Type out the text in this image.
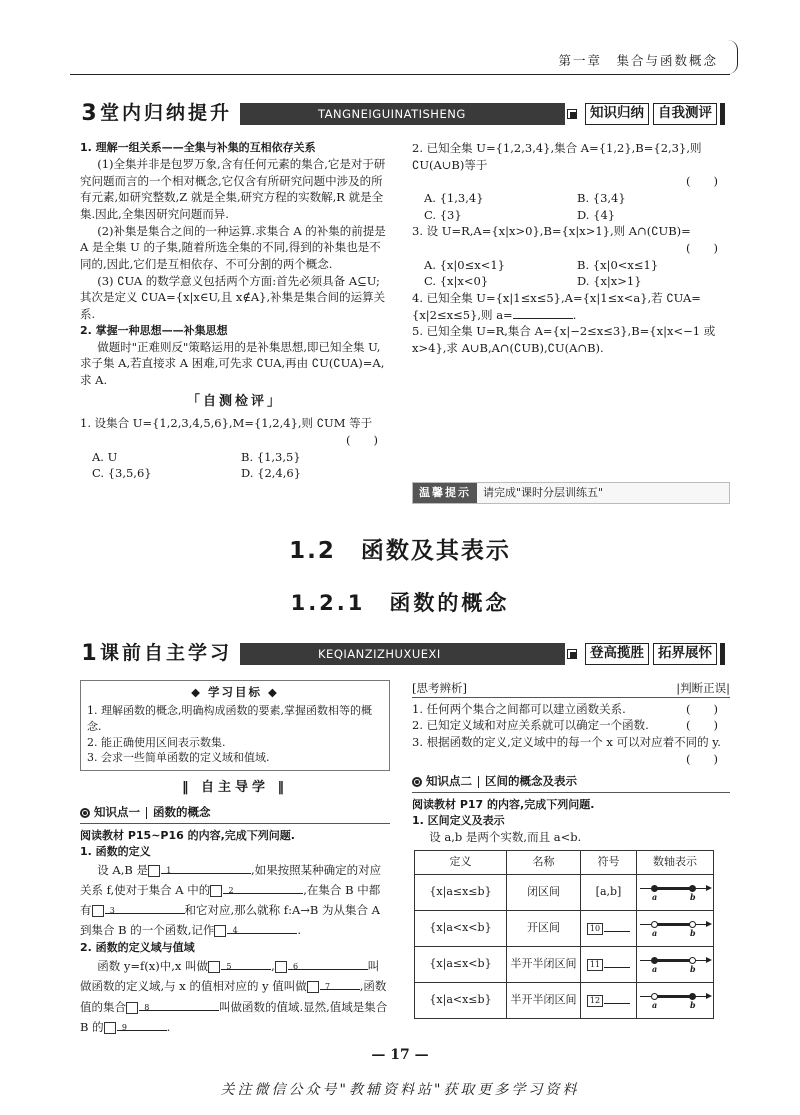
第一章　集合与函数概念
3 堂内归纳提升	TANGNEIGUINATISHENG	知识归纳	自我测评

1. 理解一组关系——全集与补集的互相依存关系

(1)全集并非是包罗万象,含有任何元素的集合,它是对于研究问题而言的一个相对概念,它仅含有所研究问题中涉及的所有元素,如研究整数,Z 就是全集,研究方程的实数解,R 就是全集.因此,全集因研究问题而异.

(2)补集是集合之间的一种运算.求集合 A 的补集的前提是 A 是全集 U 的子集,随着所选全集的不同,得到的补集也是不同的,因此,它们是互相依存、不可分割的两个概念.

(3) ∁UA 的数学意义包括两个方面:首先必须具备 A⊆U;其次是定义 ∁UA={x|x∈U,且 x∉A},补集是集合间的运算关系.

2. 掌握一种思想——补集思想

做题时"正难则反"策略运用的是补集思想,即已知全集 U,求子集 A,若直接求 A 困难,可先求 ∁UA,再由 ∁U(∁UA)=A,求 A.

「自测检评」

1. 设集合 U={1,2,3,4,5,6},M={1,2,4},则 ∁UM 等于

(　　)

A. U	B. {1,3,5}
C. {3,5,6}	D. {2,4,6}

2. 已知全集 U={1,2,3,4},集合 A={1,2},B={2,3},则 ∁U(A∪B)等于

(　　)

A. {1,3,4}	B. {3,4}
C. {3}	D. {4}

3. 设 U=R,A={x|x>0},B={x|x>1},则 A∩(∁UB)=

(　　)

A. {x|0≤x<1}	B. {x|0<x≤1}
C. {x|x<0}	D. {x|x>1}

4. 已知全集 U={x|1≤x≤5},A={x|1≤x<a},若 ∁UA={x|2≤x≤5},则 a=	.

5. 已知全集 U=R,集合 A={x|−2≤x≤3},B={x|x<−1 或 x>4},求 A∪B,A∩(∁UB),∁U(A∩B).

温馨提示	请完成"课时分层训练五"
1.2　函数及其表示
1.2.1　函数的概念
1 课前自主学习	KEQIANZIZHUXUEXI	登高揽胜	拓界展怀
◆ 学习目标 ◆

1. 理解函数的概念,明确构成函数的要素,掌握函数相等的概念.

2. 能正确使用区间表示数集.

3. 会求一些简单函数的定义域和值域.

‖ 自主导学 ‖
知识点一 函数的概念

阅读教材 P15~P16 的内容,完成下列问题.

1. 函数的定义

设 A,B 是 1	,如果按照某种确定的对应关系 f,使对于集合 A 中的 2	,在集合 B 中都有 3	和它对应,那么就称 f:A→B 为从集合 A 到集合 B 的一个函数,记作 4	.

2. 函数的定义域与值域

函数 y=f(x)中,x 叫做 5	, 6	叫做函数的定义域,与 x 的值相对应的 y 值叫做 7	,函数值的集合 8	叫做函数的值域.显然,值域是集合 B 的 9	.

[思考辨析]	|判断正误|

1. 任何两个集合之间都可以建立函数关系.	(　　)

2. 已知定义域和对应关系就可以确定一个函数.	(　　)

3. 根据函数的定义,定义域中的每一个 x 可以对应着不同的 y.

(　　)

知识点二 区间的概念及表示

阅读教材 P17 的内容,完成下列问题.

1. 区间定义及表示

设 a,b 是两个实数,而且 a<b.

定义	名称	符号	数轴表示
{x|a≤x≤b}	闭区间	[a,b]	a b

{x|a<x<b}	开区间	10	a b

{x|a≤x<b}	半开半闭区间	11	a b

{x|a<x≤b}	半开半闭区间	12	a b
— 17 —
关注微信公众号"教辅资料站"获取更多学习资料
